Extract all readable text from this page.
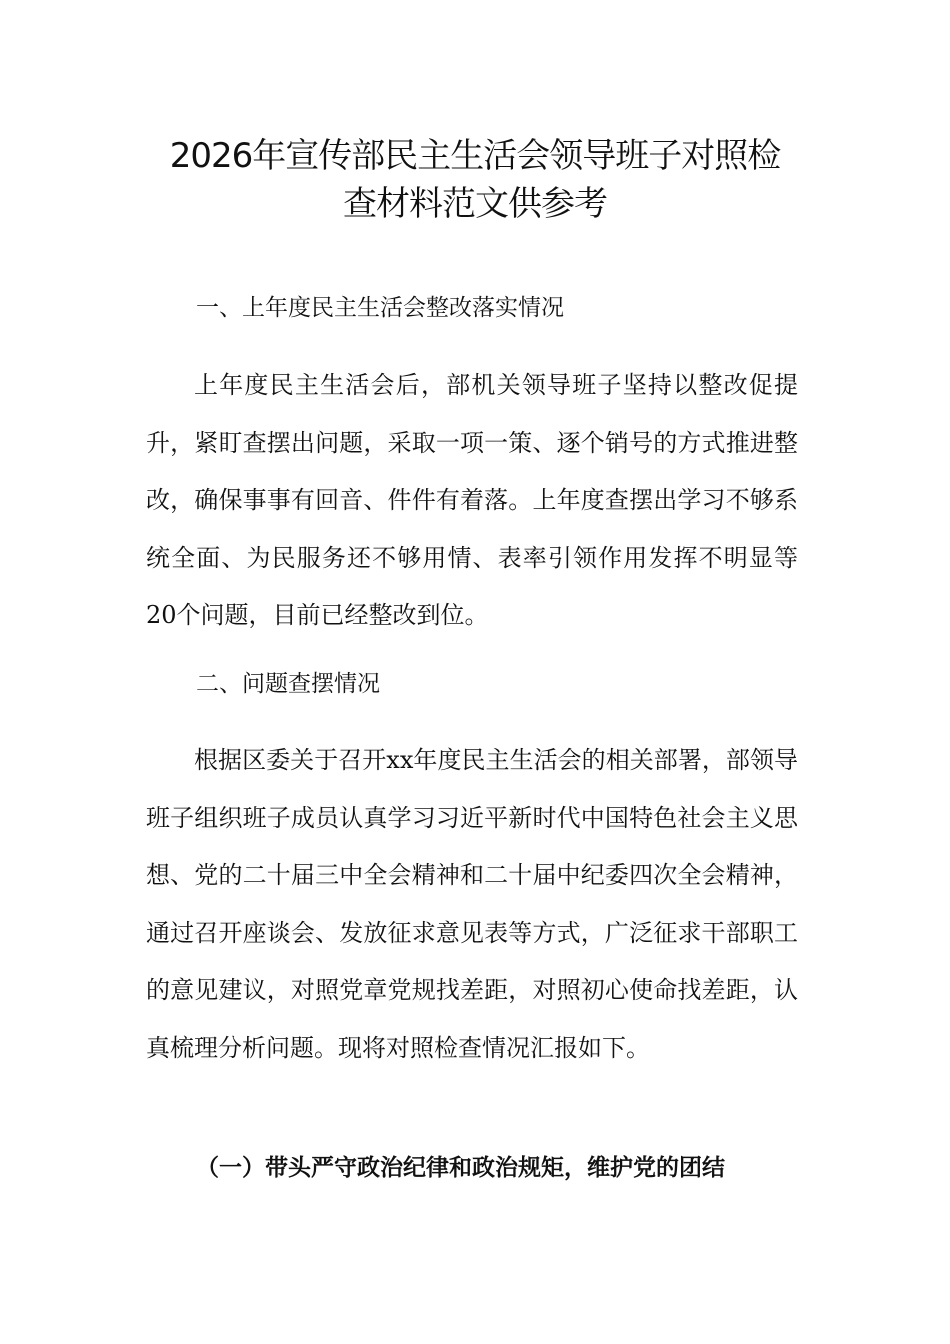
2026年宣传部民主生活会领导班子对照检
查材料范文供参考
一、上年度民主生活会整改落实情况

上年度民主生活会后，部机关领导班子坚持以整改促提升，紧盯查摆出问题，采取一项一策、逐个销号的方式推进整改，确保事事有回音、件件有着落。上年度查摆出学习不够系统全面、为民服务还不够用情、表率引领作用发挥不明显等20个问题，目前已经整改到位。

二、问题查摆情况

根据区委关于召开xx年度民主生活会的相关部署，部领导班子组织班子成员认真学习习近平新时代中国特色社会主义思想、党的二十届三中全会精神和二十届中纪委四次全会精神，通过召开座谈会、发放征求意见表等方式，广泛征求干部职工的意见建议，对照党章党规找差距，对照初心使命找差距，认真梳理分析问题。现将对照检查情况汇报如下。

（一）带头严守政治纪律和政治规矩，维护党的团结
